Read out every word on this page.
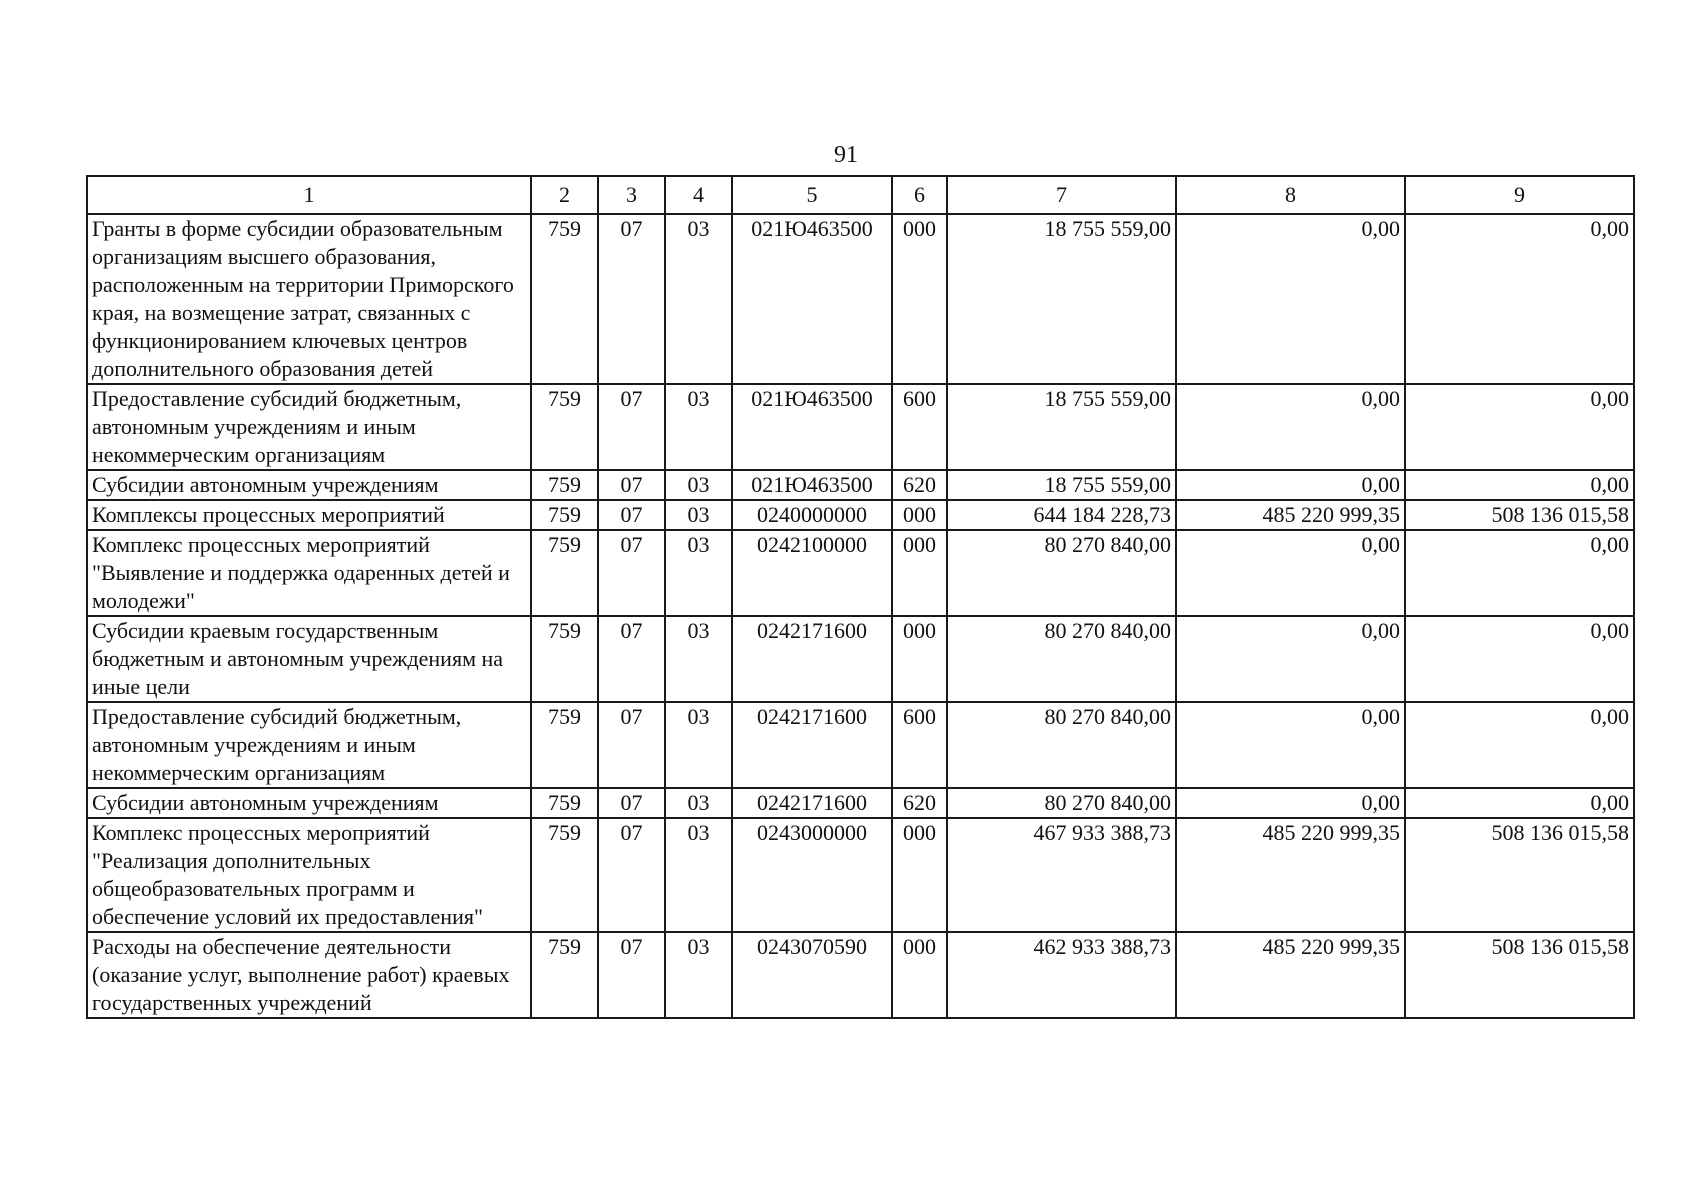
91
1	2	3	4	5	6	7	8	9
Гранты в форме субсидии образовательным организациям высшего образования, расположенным на территории Приморского края, на возмещение затрат, связанных с функционированием ключевых центров дополнительного образования детей	759	07	03	021Ю463500	000	18 755 559,00	0,00	0,00
Предоставление субсидий бюджетным, автономным учреждениям и иным некоммерческим организациям	759	07	03	021Ю463500	600	18 755 559,00	0,00	0,00
Субсидии автономным учреждениям	759	07	03	021Ю463500	620	18 755 559,00	0,00	0,00
Комплексы процессных мероприятий	759	07	03	0240000000	000	644 184 228,73	485 220 999,35	508 136 015,58
Комплекс процессных мероприятий "Выявление и поддержка одаренных детей и молодежи"	759	07	03	0242100000	000	80 270 840,00	0,00	0,00
Субсидии краевым государственным бюджетным и автономным учреждениям на иные цели	759	07	03	0242171600	000	80 270 840,00	0,00	0,00
Предоставление субсидий бюджетным, автономным учреждениям и иным некоммерческим организациям	759	07	03	0242171600	600	80 270 840,00	0,00	0,00
Субсидии автономным учреждениям	759	07	03	0242171600	620	80 270 840,00	0,00	0,00
Комплекс процессных мероприятий "Реализация дополнительных общеобразовательных программ и обеспечение условий их предоставления"	759	07	03	0243000000	000	467 933 388,73	485 220 999,35	508 136 015,58
Расходы на обеспечение деятельности (оказание услуг, выполнение работ) краевых государственных учреждений	759	07	03	0243070590	000	462 933 388,73	485 220 999,35	508 136 015,58
